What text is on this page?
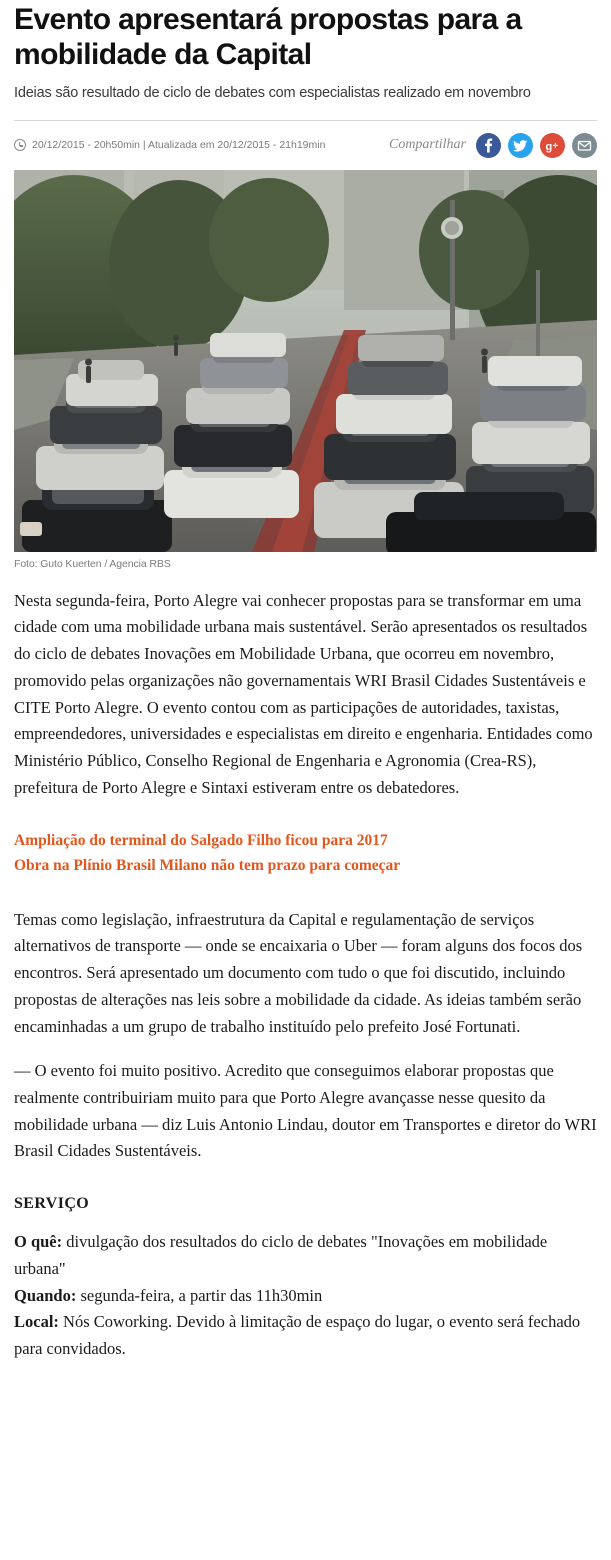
Evento apresentará propostas para a mobilidade da Capital

Ideias são resultado de ciclo de debates com especialistas realizado em novembro

20/12/2015 - 20h50min | Atualizada em 20/12/2015 - 21h19min	Compartilhar	g +

Foto: Guto Kuerten / Agencia RBS

Nesta segunda-feira, Porto Alegre vai conhecer propostas para se transformar em uma cidade com uma mobilidade urbana mais sustentável. Serão apresentados os resultados do ciclo de debates Inovações em Mobilidade Urbana, que ocorreu em novembro, promovido pelas organizações não governamentais WRI Brasil Cidades Sustentáveis e CITE Porto Alegre. O evento contou com as participações de autoridades, taxistas, empreendedores, universidades e especialistas em direito e engenharia. Entidades como Ministério Público, Conselho Regional de Engenharia e Agronomia (Crea-RS), prefeitura de Porto Alegre e Sintaxi estiveram entre os debatedores.

Ampliação do terminal do Salgado Filho ficou para 2017
Obra na Plínio Brasil Milano não tem prazo para começar

Temas como legislação, infraestrutura da Capital e regulamentação de serviços alternativos de transporte — onde se encaixaria o Uber — foram alguns dos focos dos encontros. Será apresentado um documento com tudo o que foi discutido, incluindo propostas de alterações nas leis sobre a mobilidade da cidade. As ideias também serão encaminhadas a um grupo de trabalho instituído pelo prefeito José Fortunati.

— O evento foi muito positivo. Acredito que conseguimos elaborar propostas que realmente contribuiriam muito para que Porto Alegre avançasse nesse quesito da mobilidade urbana — diz Luis Antonio Lindau, doutor em Transportes e diretor do WRI Brasil Cidades Sustentáveis.

SERVIÇO

O quê: divulgação dos resultados do ciclo de debates "Inovações em mobilidade urbana"
Quando: segunda-feira, a partir das 11h30min
Local: Nós Coworking. Devido à limitação de espaço do lugar, o evento será fechado para convidados.
